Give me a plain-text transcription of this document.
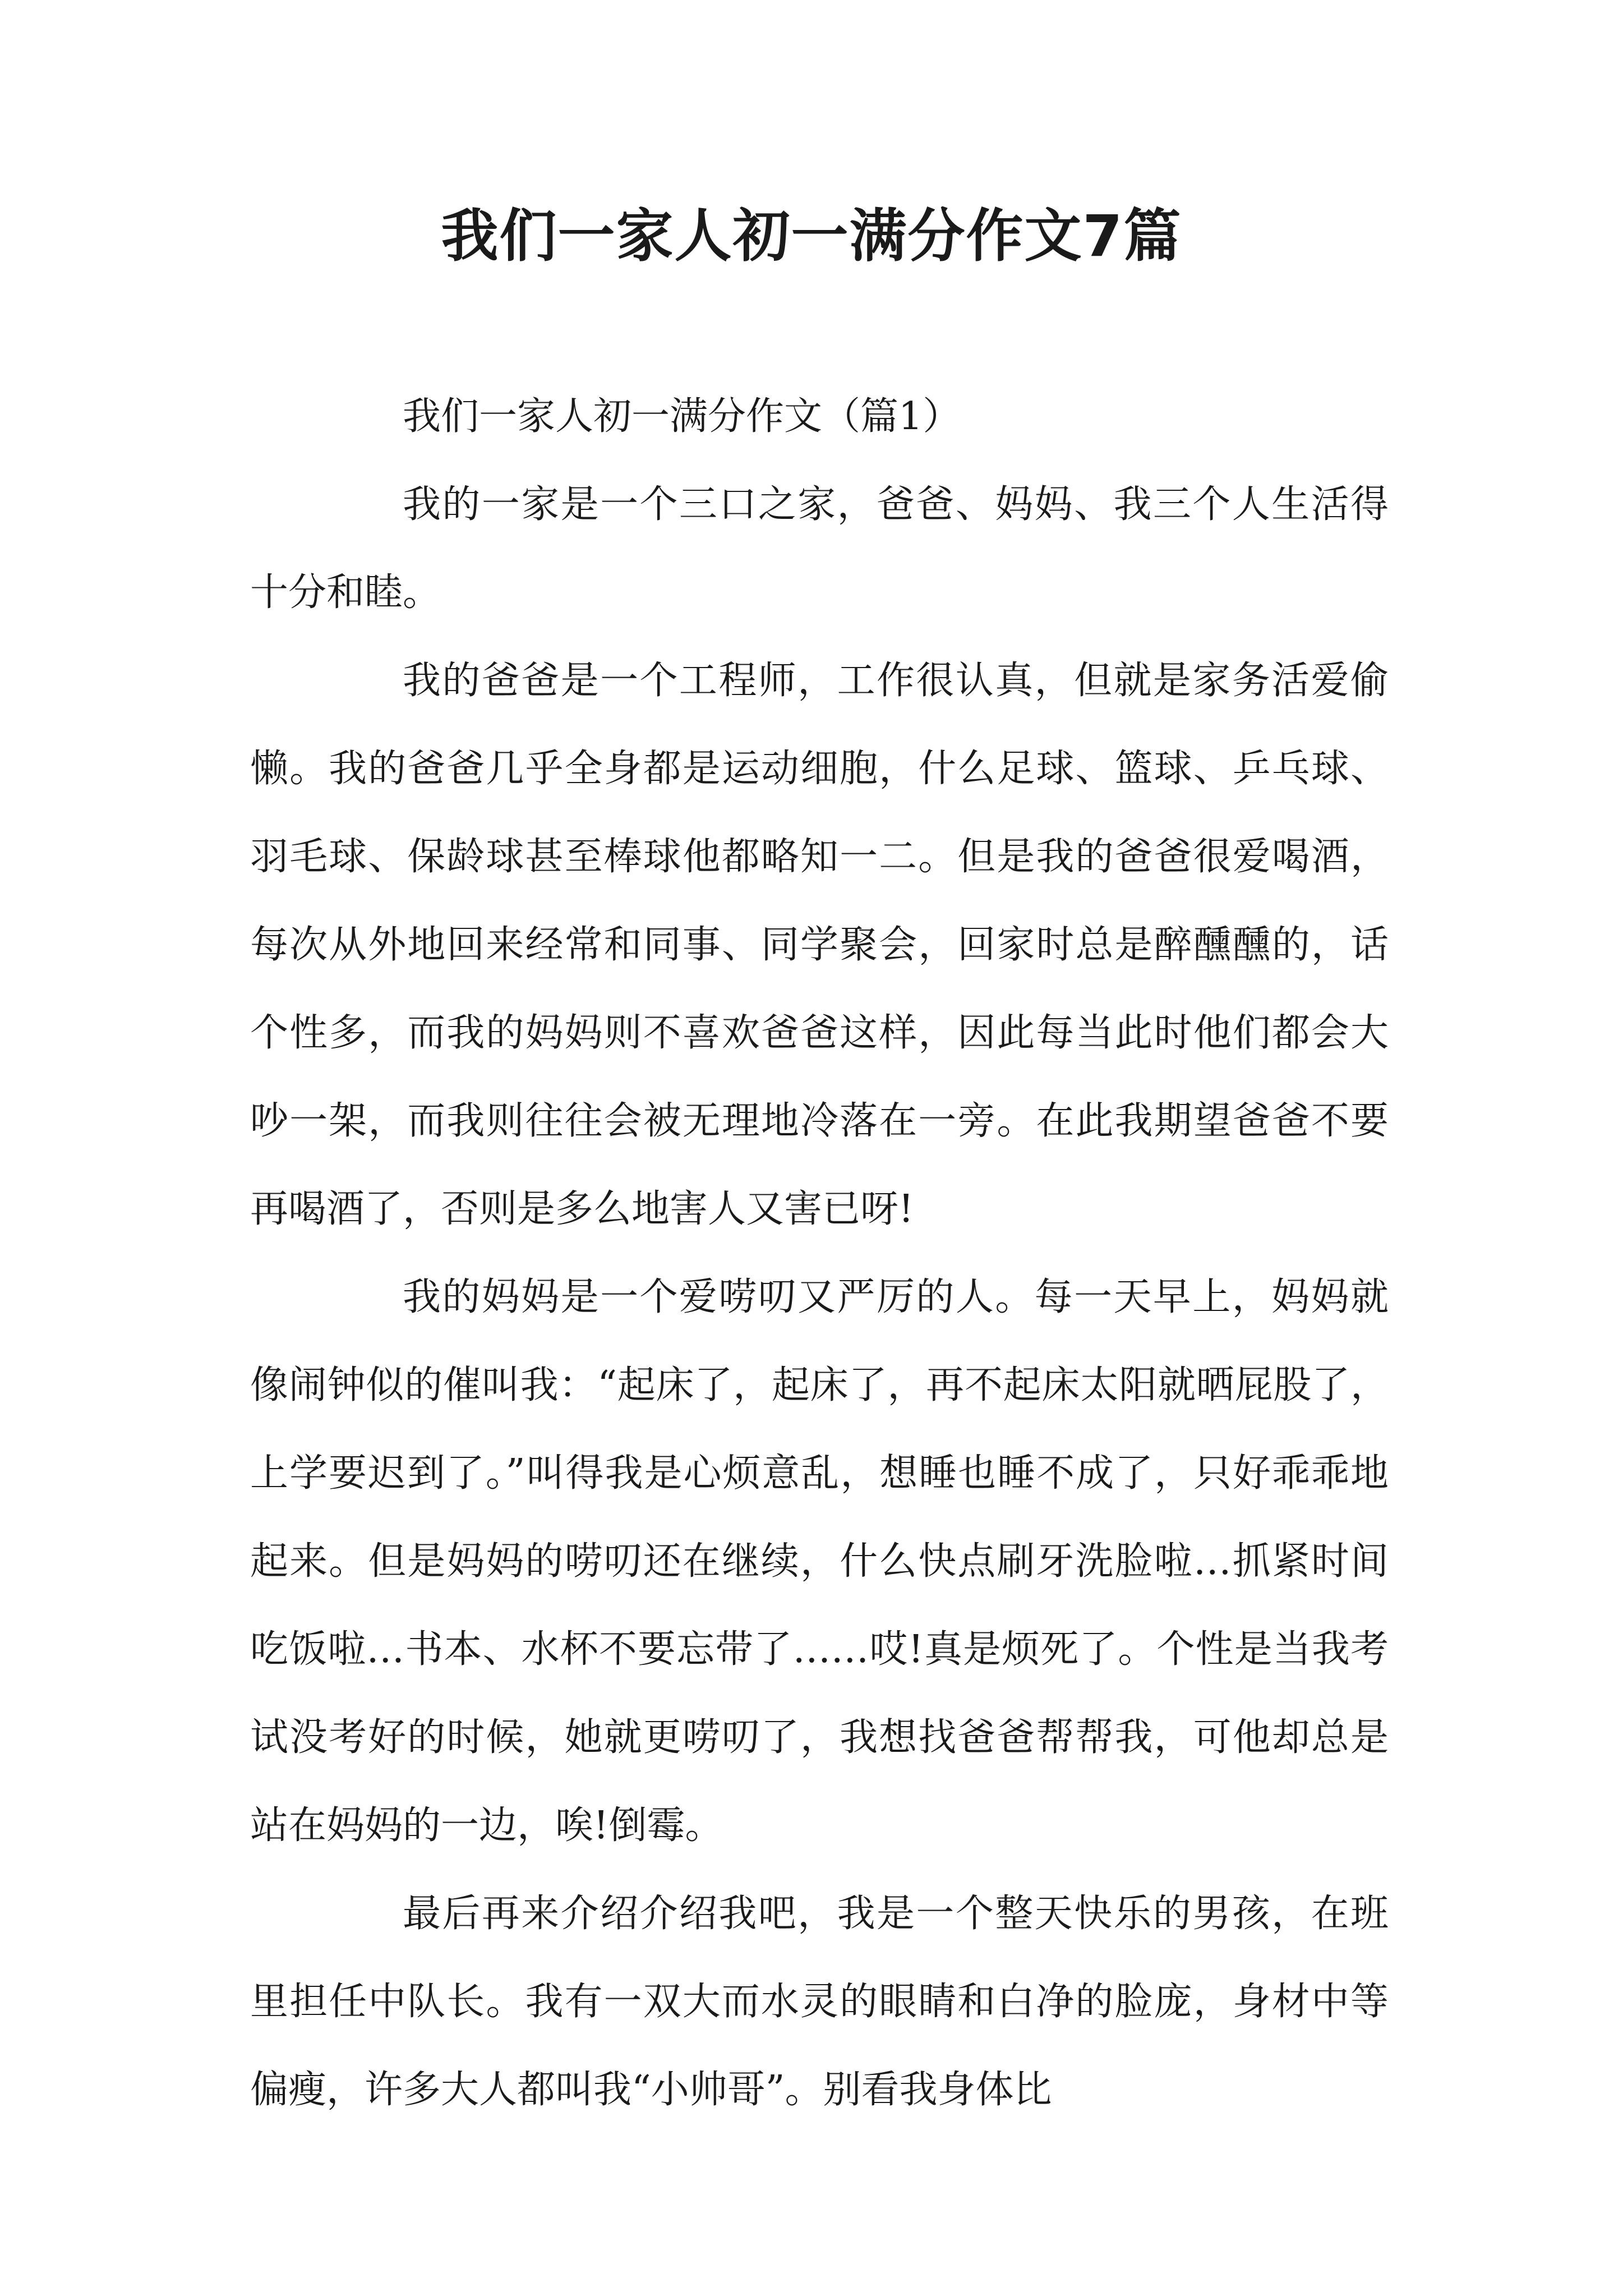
我们一家人初一满分作文7篇

我们一家人初一满分作文（篇1）

我的一家是一个三口之家，爸爸、妈妈、我三个人生活得十分和睦。

我的爸爸是一个工程师，工作很认真，但就是家务活爱偷懒。我的爸爸几乎全身都是运动细胞，什么足球、篮球、乒乓球、羽毛球、保龄球甚至棒球他都略知一二。但是我的爸爸很爱喝酒，每次从外地回来经常和同事、同学聚会，回家时总是醉醺醺的，话个性多，而我的妈妈则不喜欢爸爸这样，因此每当此时他们都会大吵一架，而我则往往会被无理地冷落在一旁。在此我期望爸爸不要再喝酒了，否则是多么地害人又害已呀!

我的妈妈是一个爱唠叨又严厉的人。每一天早上，妈妈就像闹钟似的催叫我：“起床了，起床了，再不起床太阳就晒屁股了，上学要迟到了。”叫得我是心烦意乱，想睡也睡不成了，只好乖乖地起来。但是妈妈的唠叨还在继续，什么快点刷牙洗脸啦…抓紧时间吃饭啦…书本、水杯不要忘带了……哎!真是烦死了。个性是当我考试没考好的时候，她就更唠叨了，我想找爸爸帮帮我，可他却总是站在妈妈的一边，唉!倒霉。

最后再来介绍介绍我吧，我是一个整天快乐的男孩，在班里担任中队长。我有一双大而水灵的眼睛和白净的脸庞，身材中等偏瘦，许多大人都叫我“小帅哥”。别看我身体比
